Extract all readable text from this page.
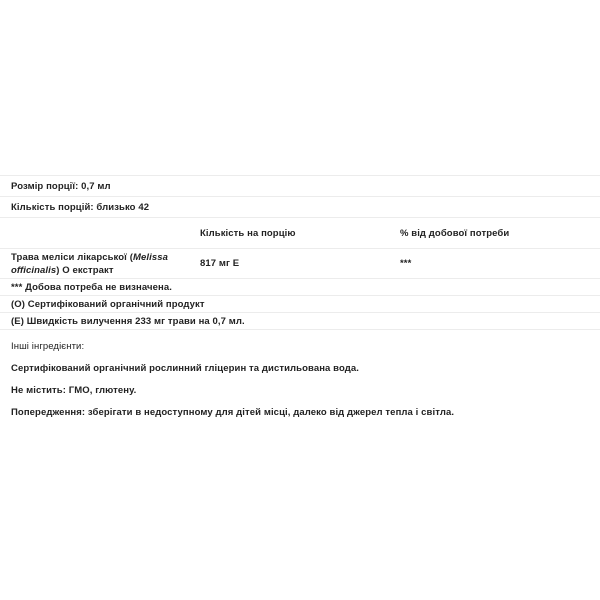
Розмір порції: 0,7 мл		
Кількість порцій: близько 42		
	Кількість на порцію	% від добової потреби
Трава меліси лікарської (Melissa officinalis) O екстракт	817 мг E	***
*** Добова потреба не визначена.		
(O) Сертифікований органічний продукт		
(E) Швидкість вилучення 233 мг трави на 0,7 мл.		

Інші інгредієнти:

Сертифікований органічний рослинний гліцерин та дистильована вода.

Не містить: ГМО, глютену.

Попередження: зберігати в недоступному для дітей місці, далеко від джерел тепла і світла.
